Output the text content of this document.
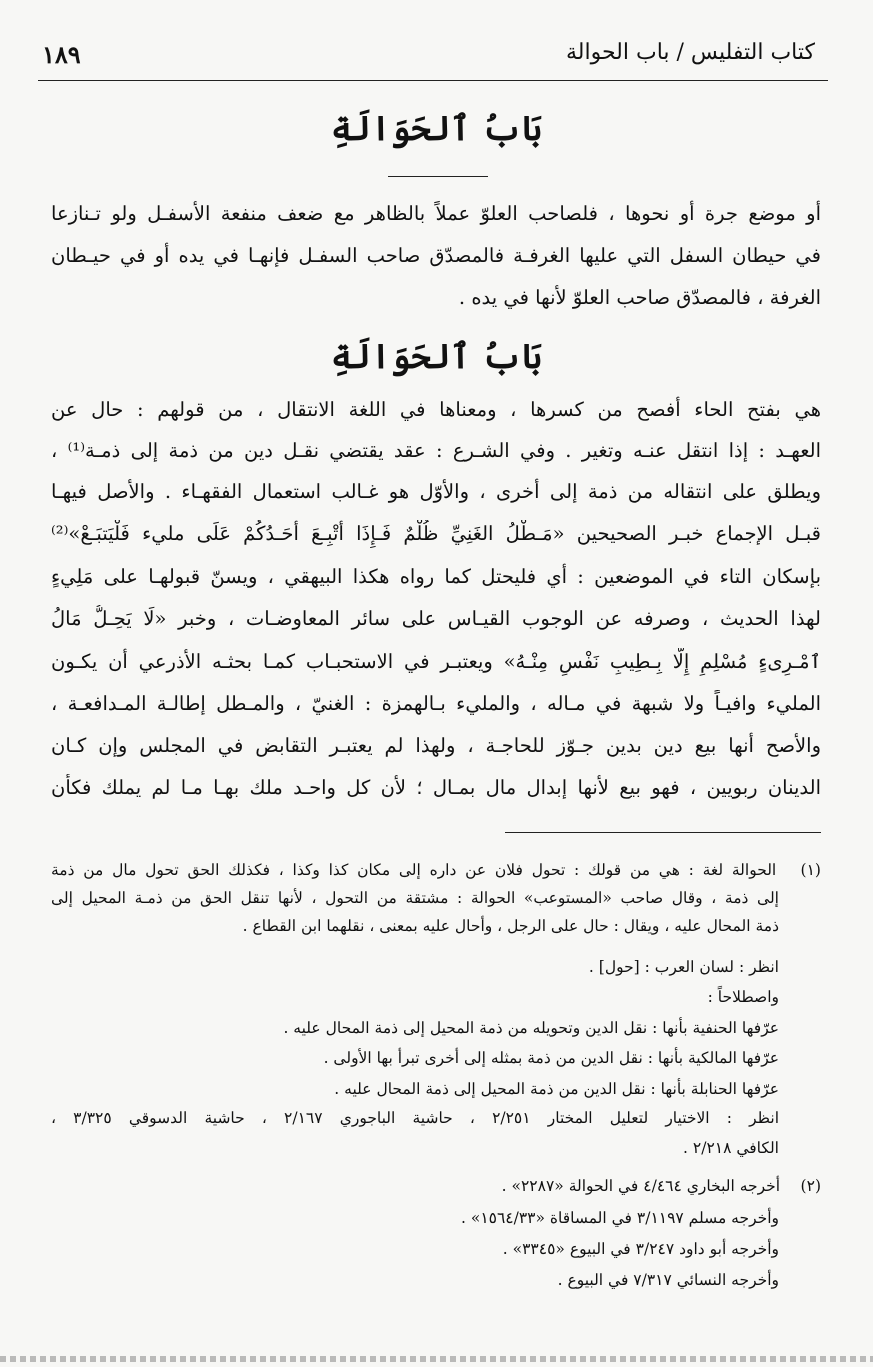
كتاب التفليس / باب الحوالة
١٨٩
بَابُ ٱلحَوَالَةِ
أو موضع جرة أو نحوها ، فلصاحب العلوّ عملاً بالظاهر مع ضعف منفعة الأسفـل ولو تـنازعا
في حيطان السفل التي عليها الغرفـة فالمصدّق صاحب السفـل فإنهـا في يده أو في حيـطان
الغرفة ، فالمصدّق صاحب العلوّ لأنها في يده .
بَابُ ٱلحَوَالَةِ
هي بفتح الحاء أفصح من كسرها ، ومعناها في اللغة الانتقال ، من قولهم : حال عن
العهـد : إذا انتقل عنـه وتغير . وفي الشـرع : عقد يقتضي نقـل دين من ذمة إلى ذمـة⁽¹⁾ ،
ويطلق على انتقاله من ذمة إلى أخرى ، والأوّل هو غـالب استعمال الفقهـاء . والأصل فيهـا
قبـل الإجماع خبـر الصحيحين «مَـطْلُ الغَنِيِّ ظُلْمٌ فَـإِذَا أُتْبِـعَ أَحَـدُكُمْ عَلَى مليء فَلْيَتبَـعْ»⁽²⁾
بإسكان التاء في الموضعين : أي فليحتل كما رواه هكذا البيهقي ، ويسنّ قبولهـا على مَلِيءٍ
لهذا الحديث ، وصرفه عن الوجوب القيـاس على سائر المعاوضـات ، وخبر «لَا يَحِـلُّ مَالُ
ٱمْـرِىءٍ مُسْلِمٍ إِلَّا بِـطِيبِ نَفْسٍ مِنْـهُ» ويعتبـر في الاستحبـاب كمـا بحثـه الأذرعي أن يكـون
المليء وافيـاً ولا شبهة في مـاله ، والمليء بـالهمزة : الغنيّ ، والمـطل إطالـة المـدافعـة ،
والأصح أنها بيع دين بدين جـوّز للحاجـة ، ولهذا لم يعتبـر التقابض في المجلس وإن كـان
الدينان ربويين ، فهو بيع لأنها إبدال مال بمـال ؛ لأن كل واحـد ملك بهـا مـا لم يملك فكأن
(١) الحوالة لغة : هي من قولك : تحول فلان عن داره إلى مكان كذا وكذا ، فكذلك الحق تحول مال من ذمة
إلى ذمة ، وقال صاحب «المستوعب» الحوالة : مشتقة من التحول ، لأنها تنقل الحق من ذمـة المحيل إلى
ذمة المحال عليه ، ويقال : حال على الرجل ، وأحال عليه بمعنى ، نقلهما ابن القطاع .
انظر : لسان العرب : [حول] .
واصطلاحاً :
عرّفها الحنفية بأنها : نقل الدين وتحويله من ذمة المحيل إلى ذمة المحال عليه .
عرّفها المالكية بأنها : نقل الدين من ذمة بمثله إلى أخرى تبرأ بها الأولى .
عرّفها الحنابلة بأنها : نقل الدين من ذمة المحيل إلى ذمة المحال عليه .
انظر : الاختيار لتعليل المختار ٢/٢٥١ ، حاشية الباجوري ٢/١٦٧ ، حاشية الدسوقي ٣/٣٢٥ ،
الكافي ٢/٢١٨ .
(٢) أخرجه البخاري ٤/٤٦٤ في الحوالة «٢٢٨٧» .
وأخرجه مسلم ٣/١١٩٧ في المساقاة «١٥٦٤/٣٣» .
وأخرجه أبو داود ٣/٢٤٧ في البيوع «٣٣٤٥» .
وأخرجه النسائي ٧/٣١٧ في البيوع .
